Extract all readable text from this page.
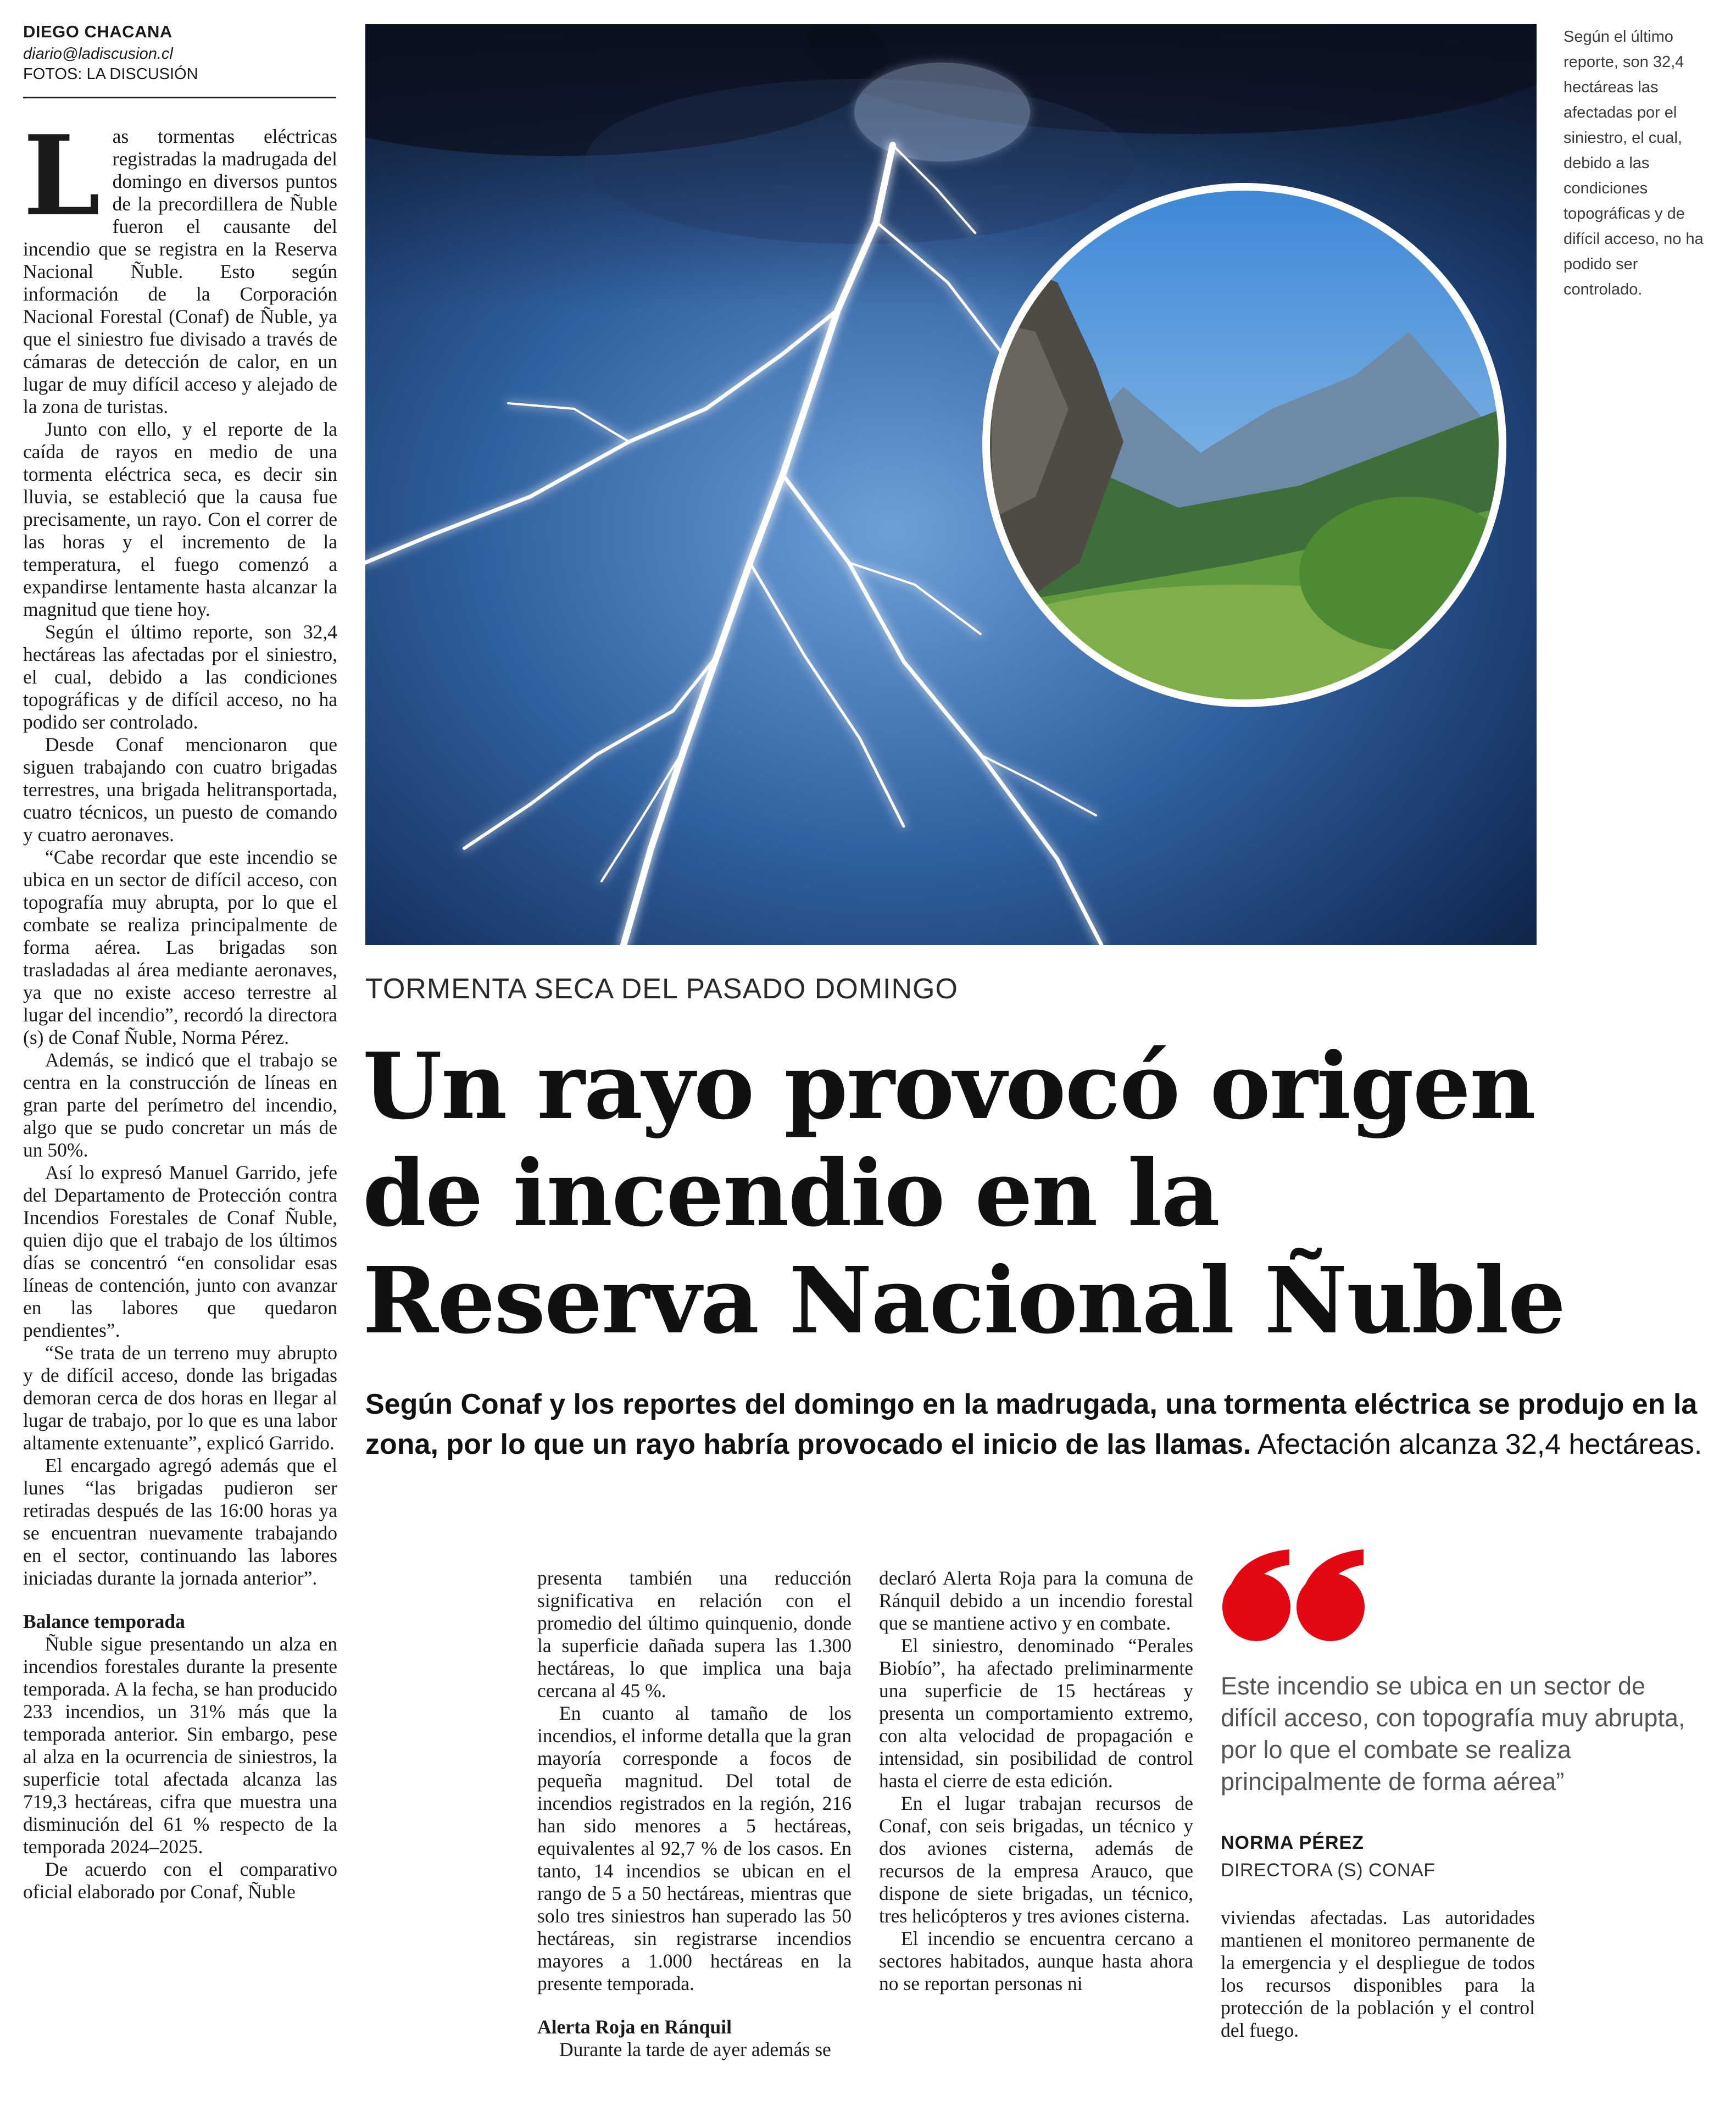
DIEGO CHACANA
diario@ladiscusion.cl
FOTOS: LA DISCUSIÓN

Las tormentas eléctricas registradas la madrugada del domingo en diversos puntos de la precordillera de Ñuble fueron el causante del incendio que se registra en la Reserva Nacional Ñuble. Esto según información de la Corporación Nacional Forestal (Conaf) de Ñuble, ya que el siniestro fue divisado a través de cámaras de detección de calor, en un lugar de muy difícil acceso y alejado de la zona de turistas.

Junto con ello, y el reporte de la caída de rayos en medio de una tormenta eléctrica seca, es decir sin lluvia, se estableció que la causa fue precisamente, un rayo. Con el correr de las horas y el incremento de la temperatura, el fuego comenzó a expandirse lentamente hasta alcanzar la magnitud que tiene hoy.

Según el último reporte, son 32,4 hectáreas las afectadas por el siniestro, el cual, debido a las condiciones topográficas y de difícil acceso, no ha podido ser controlado.

Desde Conaf mencionaron que siguen trabajando con cuatro brigadas terrestres, una brigada helitransportada, cuatro técnicos, un puesto de comando y cuatro aeronaves.

“Cabe recordar que este incendio se ubica en un sector de difícil acceso, con topografía muy abrupta, por lo que el combate se realiza principalmente de forma aérea. Las brigadas son trasladadas al área mediante aeronaves, ya que no existe acceso terrestre al lugar del incendio”, recordó la directora (s) de Conaf Ñuble, Norma Pérez.

Además, se indicó que el trabajo se centra en la construcción de líneas en gran parte del perímetro del incendio, algo que se pudo concretar un más de un 50%.

Así lo expresó Manuel Garrido, jefe del Departamento de Protección contra Incendios Forestales de Conaf Ñuble, quien dijo que el trabajo de los últimos días se concentró “en consolidar esas líneas de contención, junto con avanzar en las labores que quedaron pendientes”.

“Se trata de un terreno muy abrupto y de difícil acceso, donde las brigadas demoran cerca de dos horas en llegar al lugar de trabajo, por lo que es una labor altamente extenuante”, explicó Garrido.

El encargado agregó además que el lunes “las brigadas pudieron ser retiradas después de las 16:00 horas ya se encuentran nuevamente trabajando en el sector, continuando las labores iniciadas durante la jornada anterior”.

Balance temporada

Ñuble sigue presentando un alza en incendios forestales durante la presente temporada. A la fecha, se han producido 233 incendios, un 31% más que la temporada anterior. Sin embargo, pese al alza en la ocurrencia de siniestros, la superficie total afectada alcanza las 719,3 hectáreas, cifra que muestra una disminución del 61 % respecto de la temporada 2024–2025.

De acuerdo con el comparativo oficial elaborado por Conaf, Ñuble

Según el último reporte, son 32,4 hectáreas las afectadas por el siniestro, el cual, debido a las condiciones topográficas y de difícil acceso, no ha podido ser controlado.
TORMENTA SECA DEL PASADO DOMINGO
Un rayo provocó origen
de incendio en la
Reserva Nacional Ñuble
Según Conaf y los reportes del domingo en la madrugada, una tormenta eléctrica se produjo en la zona, por lo que un rayo habría provocado el inicio de las llamas. Afectación alcanza 32,4 hectáreas.

presenta también una reducción significativa en relación con el promedio del último quinquenio, donde la superficie dañada supera las 1.300 hectáreas, lo que implica una baja cercana al 45 %.

En cuanto al tamaño de los incendios, el informe detalla que la gran mayoría corresponde a focos de pequeña magnitud. Del total de incendios registrados en la región, 216 han sido menores a 5 hectáreas, equivalentes al 92,7 % de los casos. En tanto, 14 incendios se ubican en el rango de 5 a 50 hectáreas, mientras que solo tres siniestros han superado las 50 hectáreas, sin registrarse incendios mayores a 1.000 hectáreas en la presente temporada.

Alerta Roja en Ránquil

Durante la tarde de ayer además se

declaró Alerta Roja para la comuna de Ránquil debido a un incendio forestal que se mantiene activo y en combate.

El siniestro, denominado “Perales Biobío”, ha afectado preliminarmente una superficie de 15 hectáreas y presenta un comportamiento extremo, con alta velocidad de propagación e intensidad, sin posibilidad de control hasta el cierre de esta edición.

En el lugar trabajan recursos de Conaf, con seis brigadas, un técnico y dos aviones cisterna, además de recursos de la empresa Arauco, que dispone de siete brigadas, un técnico, tres helicópteros y tres aviones cisterna.

El incendio se encuentra cercano a sectores habitados, aunque hasta ahora no se reportan personas ni

Este incendio se ubica en un sector de difícil acceso, con topografía muy abrupta, por lo que el combate se realiza principalmente de forma aérea”
NORMA PÉREZ
DIRECTORA (S) CONAF

viviendas afectadas. Las autoridades mantienen el monitoreo permanente de la emergencia y el despliegue de todos los recursos disponibles para la protección de la población y el control del fuego.
